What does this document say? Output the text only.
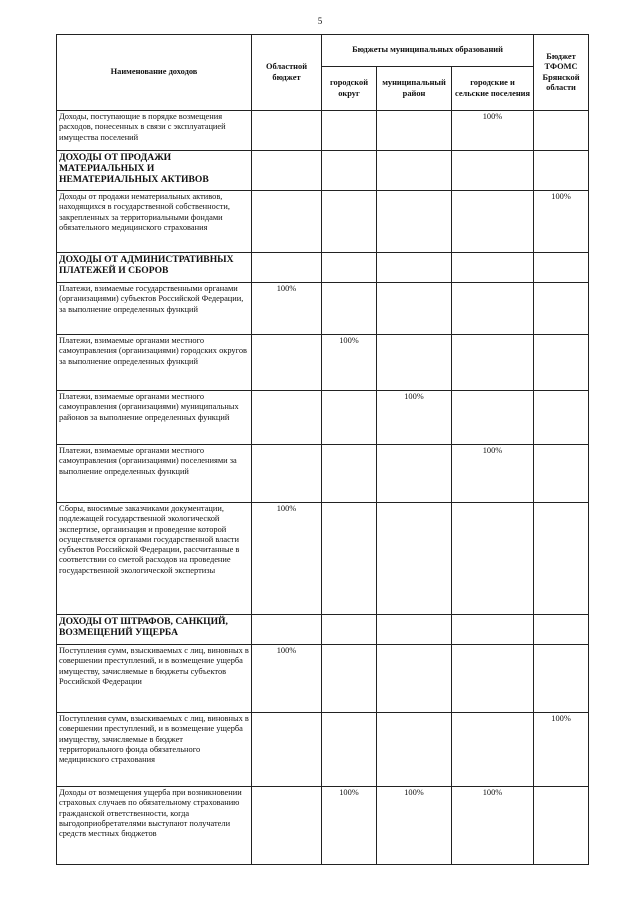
5
Наименование доходов	Областной бюджет	Бюджеты муниципальных образований			Бюджет ТФОМС Брянской области
		городской округ	муниципальный район	городские и сельские поселения	
Доходы, поступающие в порядке возмещения расходов, понесенных в связи с эксплуатацией имущества поселений				100%	
ДОХОДЫ ОТ ПРОДАЖИ МАТЕРИАЛЬНЫХ И НЕМАТЕРИАЛЬНЫХ АКТИВОВ					
Доходы от продажи нематериальных активов, находящихся в государственной собственности, закрепленных за территориальными фондами обязательного медицинского страхования					100%
ДОХОДЫ ОТ АДМИНИСТРАТИВНЫХ ПЛАТЕЖЕЙ И СБОРОВ					
Платежи, взимаемые государственными органами (организациями) субъектов Российской Федерации, за выполнение определенных функций	100%				
Платежи, взимаемые органами местного самоуправления (организациями) городских округов за выполнение определенных функций		100%			
Платежи, взимаемые органами местного самоуправления (организациями) муниципальных районов за выполнение определенных функций			100%		
Платежи, взимаемые органами местного самоуправления (организациями) поселениями за выполнение определенных функций				100%	
Сборы, вносимые заказчиками документации, подлежащей государственной экологической экспертизе, организация и проведение которой осуществляется органами государственной власти субъектов Российской Федерации, рассчитанные в соответствии со сметой расходов на проведение государственной экологической экспертизы	100%				
ДОХОДЫ ОТ ШТРАФОВ, САНКЦИЙ, ВОЗМЕЩЕНИЙ УЩЕРБА					
Поступления сумм, взыскиваемых с лиц, виновных в совершении преступлений, и в возмещение ущерба имуществу, зачисляемые в бюджеты субъектов Российской Федерации	100%				
Поступления сумм, взыскиваемых с лиц, виновных в совершении преступлений, и в возмещение ущерба имуществу, зачисляемые в бюджет территориального фонда обязательного медицинского страхования					100%
Доходы от возмещения ущерба при возникновении страховых случаев по обязательному страхованию гражданской ответственности, когда выгодоприобретателями выступают получатели средств местных бюджетов		100%	100%	100%	
